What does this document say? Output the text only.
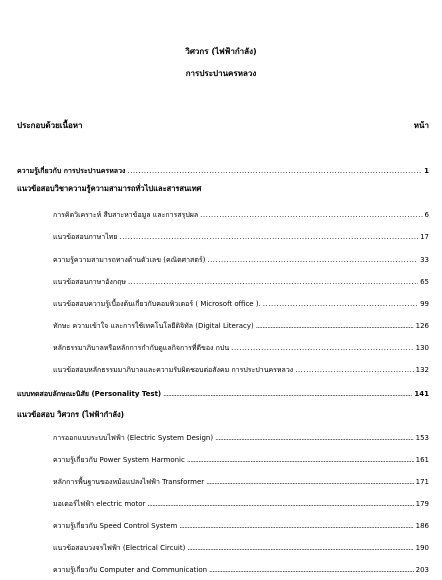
วิศวกร (ไฟฟ้ากำลัง)
การประปานครหลวง
ประกอบด้วยเนื้อหา	หน้า
ความรู้เกี่ยวกับ การประปานครหลวง .....	1
แนวข้อสอบวิชาความรู้ความสามารถทั่วไปและสารสนเทศ
การคิดวิเคราะห์ สืบสาะหาข้อมูล และการสรุปผล .....	6
แนวข้อสอบภาษาไทย .....	17
ความรู้ความสามารถทางด้านตัวเลข (คณิตศาสตร์) .....	33
แนวข้อสอบภาษาอังกฤษ .....	65
แนวข้อสอบความรู้เบื้องต้นเกี่ยวกับคอมพิวเตอร์ ( Microsoft office ). .....	99
ทักษะ ความเข้าใจ และการใช้เทคโนโลยีดิจิทัล (Digital Literacy) .....	126
หลักธรรมาภิบาลหรือหลักการกำกับดูแลกิจการที่ดีของ กปน .....	130
แนวข้อสอบหลักธรรมมาภิบาลและความรับผิดชอบต่อสังคม การประปานครหลวง .....	132
แบบทดสอบลักษณะนิสัย (Personality Test) .....	141
แนวข้อสอบ วิศวกร (ไฟฟ้ากำลัง)
การออกแบบระบบไฟฟ้า (Electric System Design) .....	153
ความรู้เกี่ยวกับ Power System Harmonic .....	161
หลักการพื้นฐานของหม้อแปลงไฟฟ้า Transformer .....	171
มอเตอร์ไฟฟ้า electric motor .....	179
ความรู้เกี่ยวกับ Speed Control System .....	186
แนวข้อสอบวงจรไฟฟ้า (Electrical Circuit) .....	190
ความรู้เกี่ยวกับ Computer and Communication .....	203
